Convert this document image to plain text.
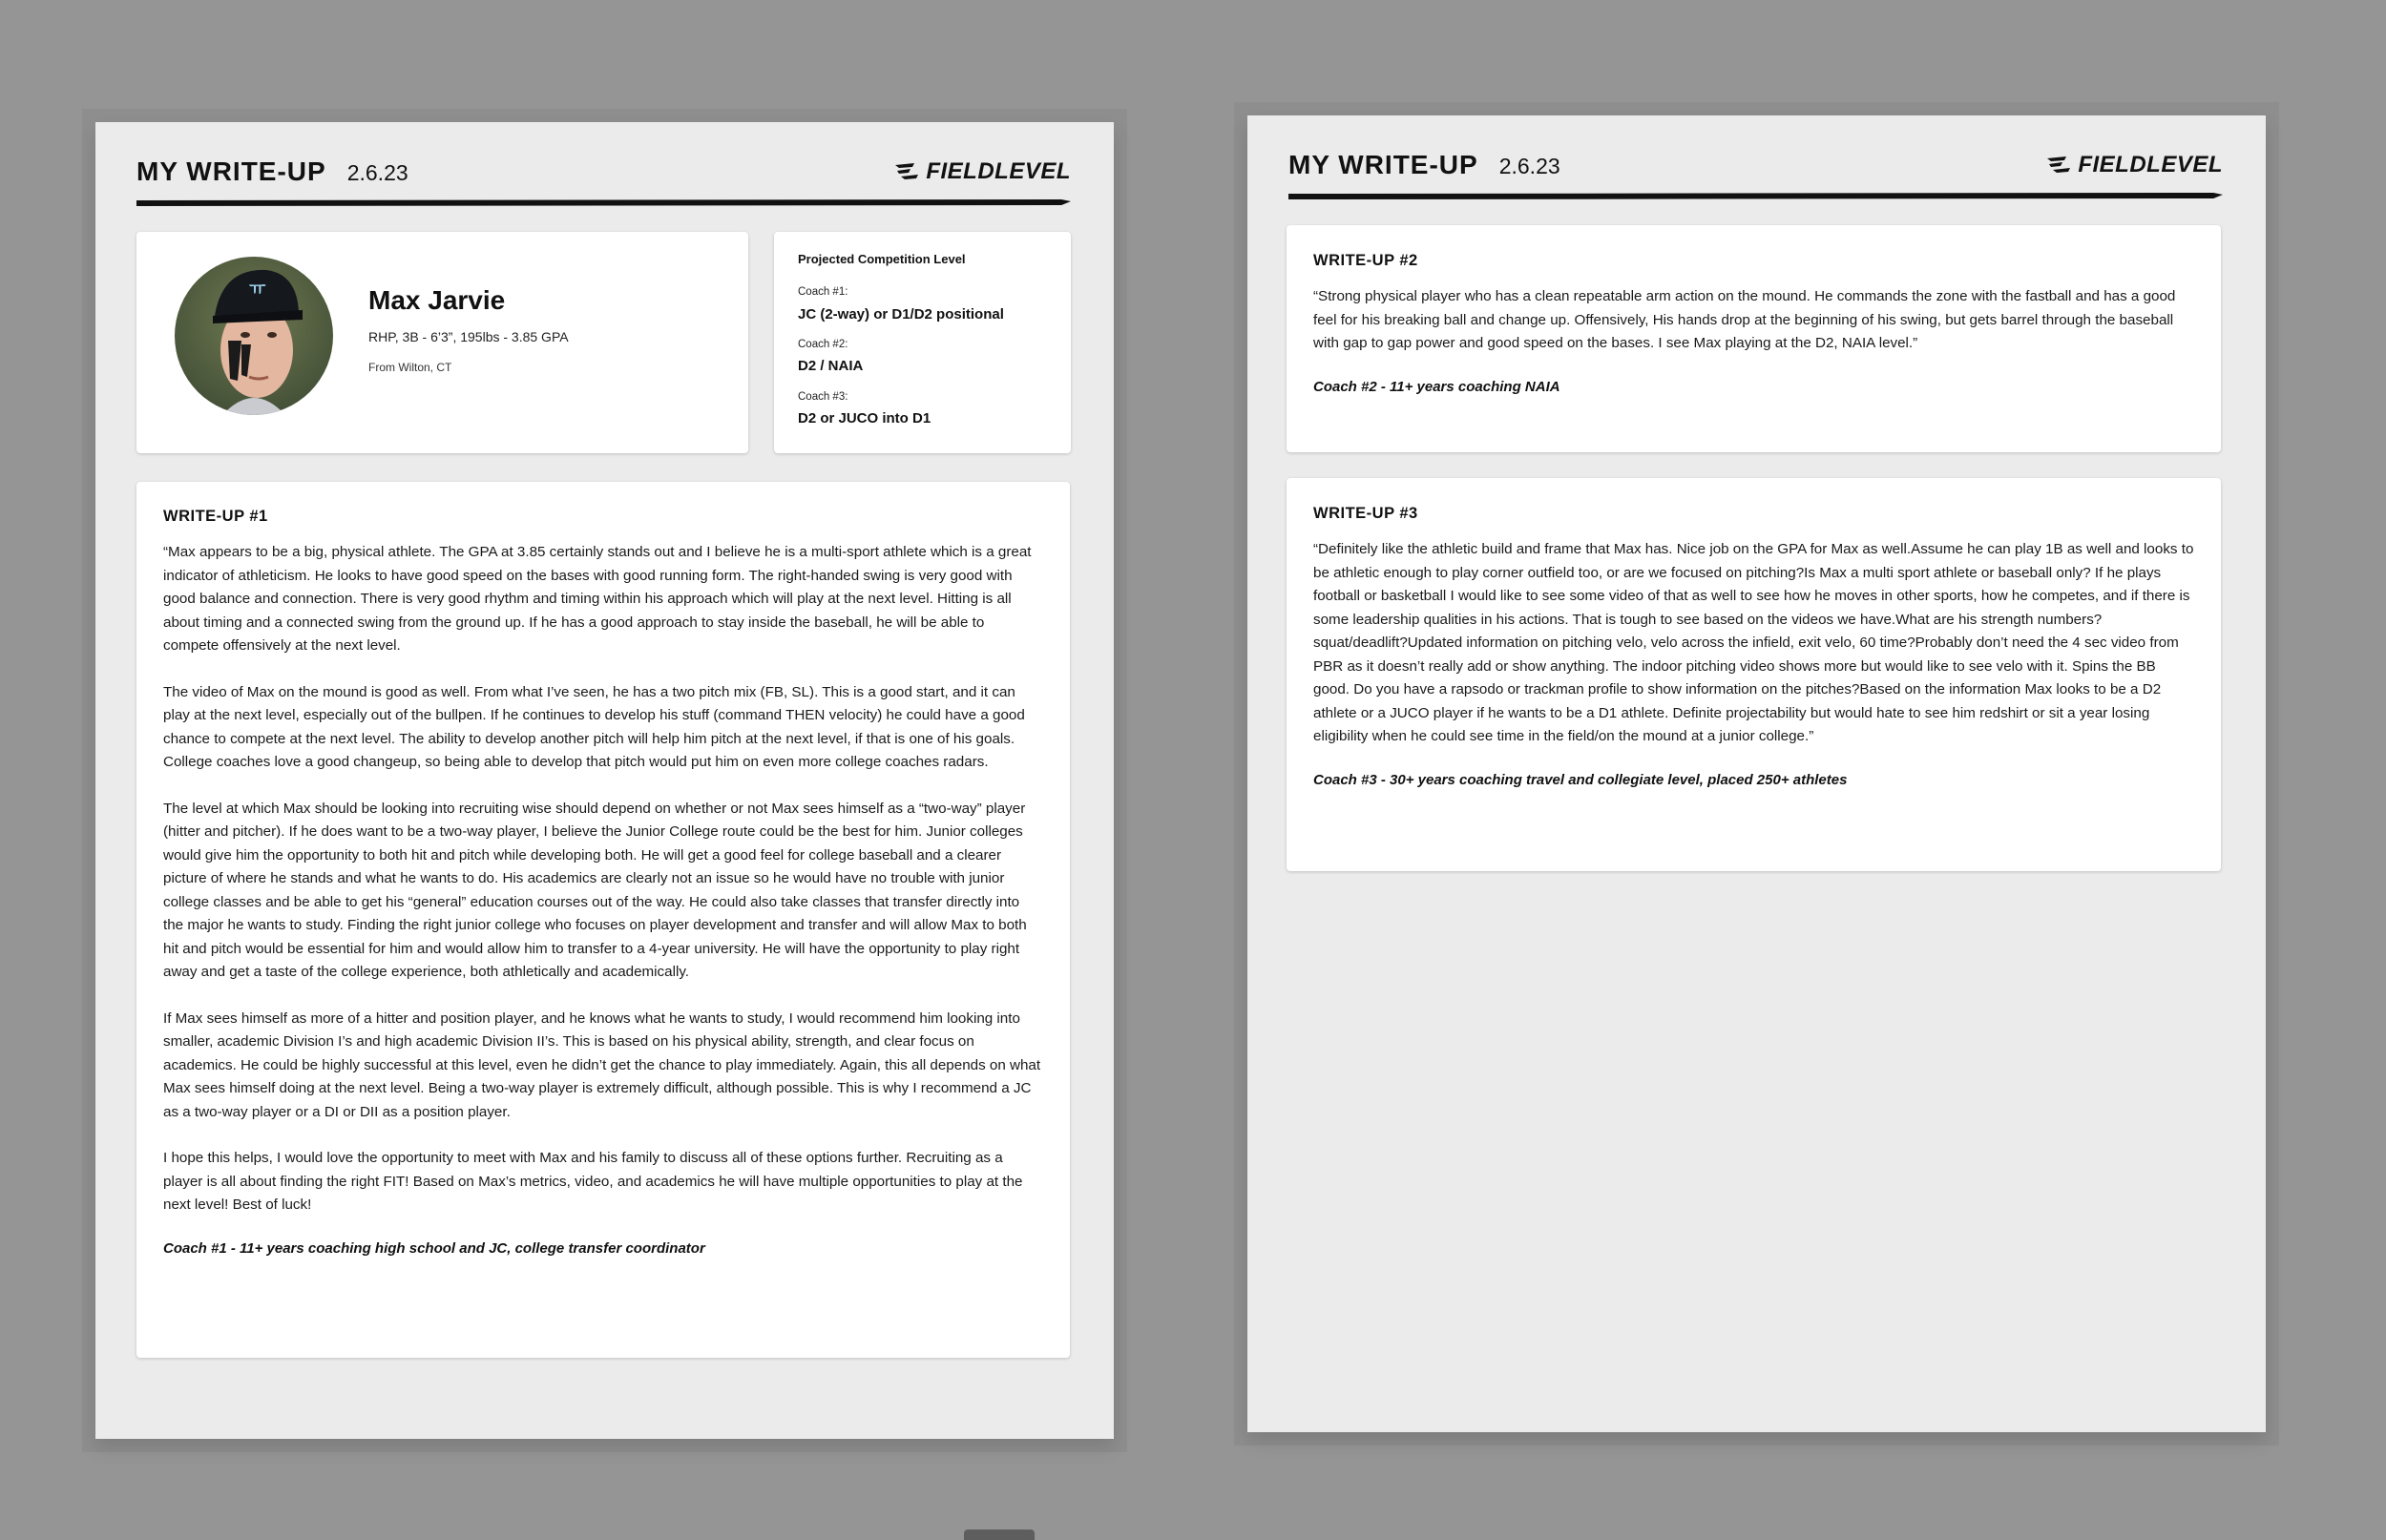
MY WRITE-UP 2.6.23	FIELDLEVEL
ㅠ	Max Jarvie
RHP, 3B - 6’3”, 195lbs - 3.85 GPA
From Wilton, CT
Projected Competition Level
Coach #1:
JC (2-way) or D1/D2 positional
Coach #2:
D2 / NAIA
Coach #3:
D2 or JUCO into D1

WRITE-UP #1

“Max appears to be a big, physical athlete. The GPA at 3.85 certainly stands out and I believe he is a multi-sport athlete which is a great indicator of athleticism. He looks to have good speed on the bases with good running form. The right-handed swing is very good with good balance and connection. There is very good rhythm and timing within his approach which will play at the next level. Hitting is all about timing and a connected swing from the ground up. If he has a good approach to stay inside the baseball, he will be able to compete offensively at the next level.

The video of Max on the mound is good as well. From what I’ve seen, he has a two pitch mix (FB, SL). This is a good start, and it can play at the next level, especially out of the bullpen. If he continues to develop his stuff (command THEN velocity) he could have a good chance to compete at the next level. The ability to develop another pitch will help him pitch at the next level, if that is one of his goals. College coaches love a good changeup, so being able to develop that pitch would put him on even more college coaches radars.

The level at which Max should be looking into recruiting wise should depend on whether or not Max sees himself as a “two-way” player (hitter and pitcher). If he does want to be a two-way player, I believe the Junior College route could be the best for him. Junior colleges would give him the opportunity to both hit and pitch while developing both. He will get a good feel for college baseball and a clearer picture of where he stands and what he wants to do. His academics are clearly not an issue so he would have no trouble with junior college classes and be able to get his “general” education courses out of the way. He could also take classes that transfer directly into the major he wants to study. Finding the right junior college who focuses on player development and transfer and will allow Max to both hit and pitch would be essential for him and would allow him to transfer to a 4-year university. He will have the opportunity to play right away and get a taste of the college experience, both athletically and academically.

If Max sees himself as more of a hitter and position player, and he knows what he wants to study, I would recommend him looking into smaller, academic Division I’s and high academic Division II’s. This is based on his physical ability, strength, and clear focus on academics. He could be highly successful at this level, even he didn’t get the chance to play immediately. Again, this all depends on what Max sees himself doing at the next level. Being a two-way player is extremely difficult, although possible. This is why I recommend a JC as a two-way player or a DI or DII as a position player.

I hope this helps, I would love the opportunity to meet with Max and his family to discuss all of these options further. Recruiting as a player is all about finding the right FIT! Based on Max’s metrics, video, and academics he will have multiple opportunities to play at the next level! Best of luck!

Coach #1 - 11+ years coaching high school and JC, college transfer coordinator

MY WRITE-UP 2.6.23	FIELDLEVEL

WRITE-UP #2

“Strong physical player who has a clean repeatable arm action on the mound. He commands the zone with the fastball and has a good feel for his breaking ball and change up. Offensively, His hands drop at the beginning of his swing, but gets barrel through the baseball with gap to gap power and good speed on the bases. I see Max playing at the D2, NAIA level.”

Coach #2 - 11+ years coaching NAIA

WRITE-UP #3

“Definitely like the athletic build and frame that Max has. Nice job on the GPA for Max as well.Assume he can play 1B as well and looks to be athletic enough to play corner outfield too, or are we focused on pitching?Is Max a multi sport athlete or baseball only? If he plays football or basketball I would like to see some video of that as well to see how he moves in other sports, how he competes, and if there is some leadership qualities in his actions. That is tough to see based on the videos we have.What are his strength numbers? squat/deadlift?Updated information on pitching velo, velo across the infield, exit velo, 60 time?Probably don’t need the 4 sec video from PBR as it doesn’t really add or show anything. The indoor pitching video shows more but would like to see velo with it. Spins the BB good. Do you have a rapsodo or trackman profile to show information on the pitches?Based on the information Max looks to be a D2 athlete or a JUCO player if he wants to be a D1 athlete. Definite projectability but would hate to see him redshirt or sit a year losing eligibility when he could see time in the field/on the mound at a junior college.”

Coach #3 - 30+ years coaching travel and collegiate level, placed 250+ athletes
